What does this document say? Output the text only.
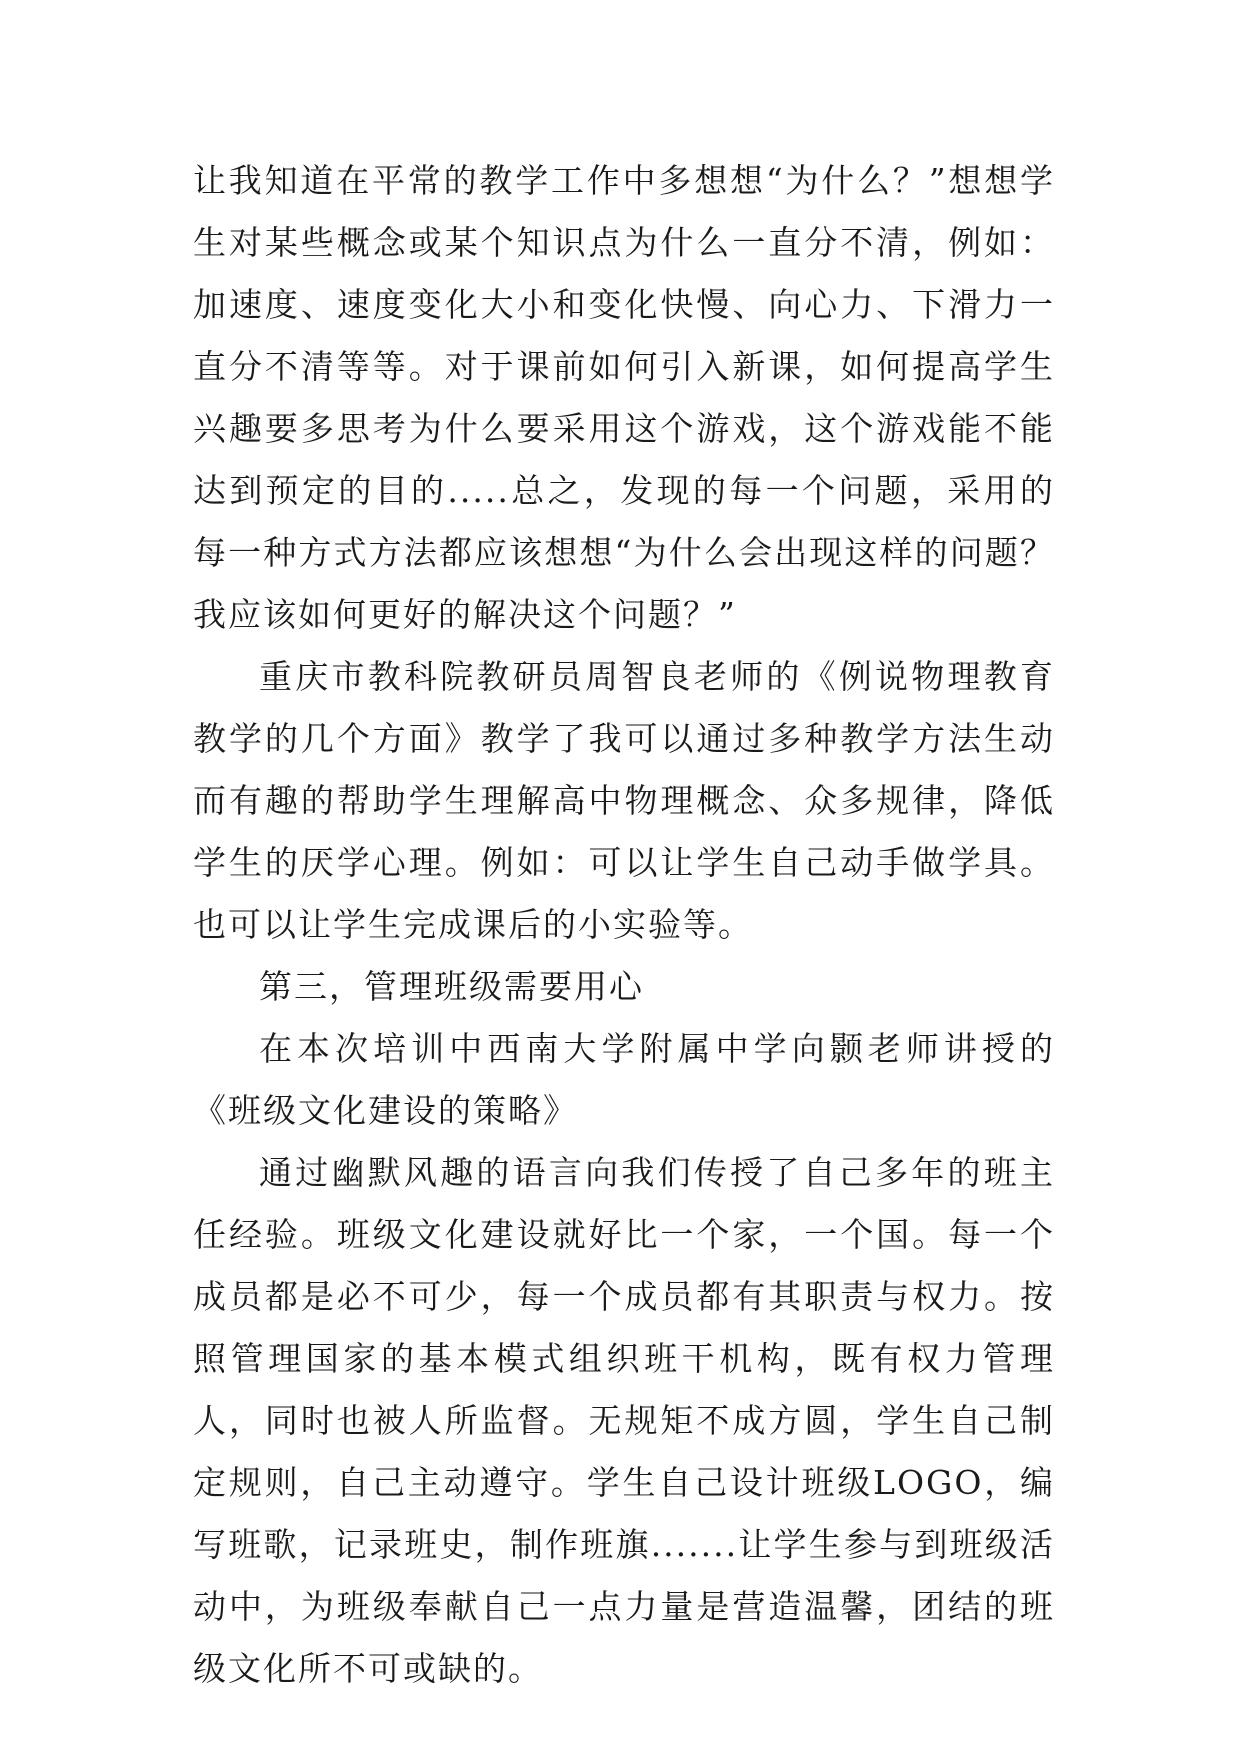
让我知道在平常的教学工作中多想想“为什么？”想想学生对某些概念或某个知识点为什么一直分不清，例如：加速度、速度变化大小和变化快慢、向心力、下滑力一直分不清等等。对于课前如何引入新课，如何提高学生兴趣要多思考为什么要采用这个游戏，这个游戏能不能达到预定的目的.....总之，发现的每一个问题，采用的每一种方式方法都应该想想“为什么会出现这样的问题？我应该如何更好的解决这个问题？”

重庆市教科院教研员周智良老师的《例说物理教育教学的几个方面》教学了我可以通过多种教学方法生动而有趣的帮助学生理解高中物理概念、众多规律，降低学生的厌学心理。例如：可以让学生自己动手做学具。也可以让学生完成课后的小实验等。

第三，管理班级需要用心

在本次培训中西南大学附属中学向颢老师讲授的《班级文化建设的策略》

通过幽默风趣的语言向我们传授了自己多年的班主任经验。班级文化建设就好比一个家，一个国。每一个成员都是必不可少，每一个成员都有其职责与权力。按照管理国家的基本模式组织班干机构，既有权力管理人，同时也被人所监督。无规矩不成方圆，学生自己制定规则，自己主动遵守。学生自己设计班级LOGO，编写班歌，记录班史，制作班旗.......让学生参与到班级活动中，为班级奉献自己一点力量是营造温馨，团结的班级文化所不可或缺的。
